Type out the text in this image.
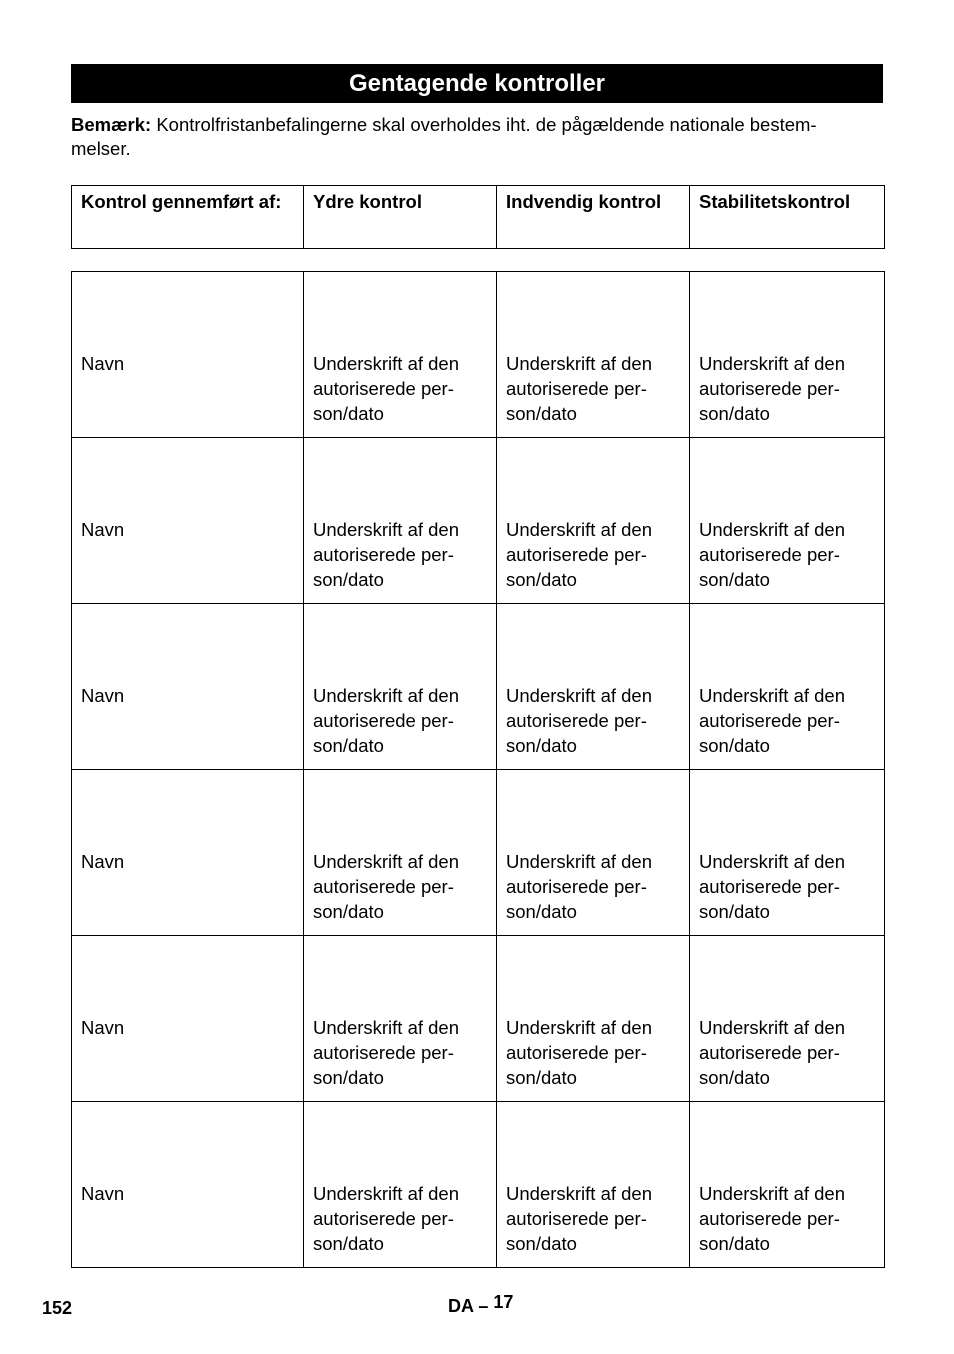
Gentagende kontroller
Bemærk: Kontrolfristanbefalingerne skal overholdes iht. de pågældende nationale bestem-
melser.
Kontrol gennemført af:	Ydre kontrol	Indvendig kontrol	Stabilitetskontrol
Navn	Underskrift af den
autoriserede per-
son/dato	Underskrift af den
autoriserede per-
son/dato	Underskrift af den
autoriserede per-
son/dato

Navn	Underskrift af den
autoriserede per-
son/dato	Underskrift af den
autoriserede per-
son/dato	Underskrift af den
autoriserede per-
son/dato

Navn	Underskrift af den
autoriserede per-
son/dato	Underskrift af den
autoriserede per-
son/dato	Underskrift af den
autoriserede per-
son/dato

Navn	Underskrift af den
autoriserede per-
son/dato	Underskrift af den
autoriserede per-
son/dato	Underskrift af den
autoriserede per-
son/dato

Navn	Underskrift af den
autoriserede per-
son/dato	Underskrift af den
autoriserede per-
son/dato	Underskrift af den
autoriserede per-
son/dato

Navn	Underskrift af den
autoriserede per-
son/dato	Underskrift af den
autoriserede per-
son/dato	Underskrift af den
autoriserede per-
son/dato
152	DA – 17
